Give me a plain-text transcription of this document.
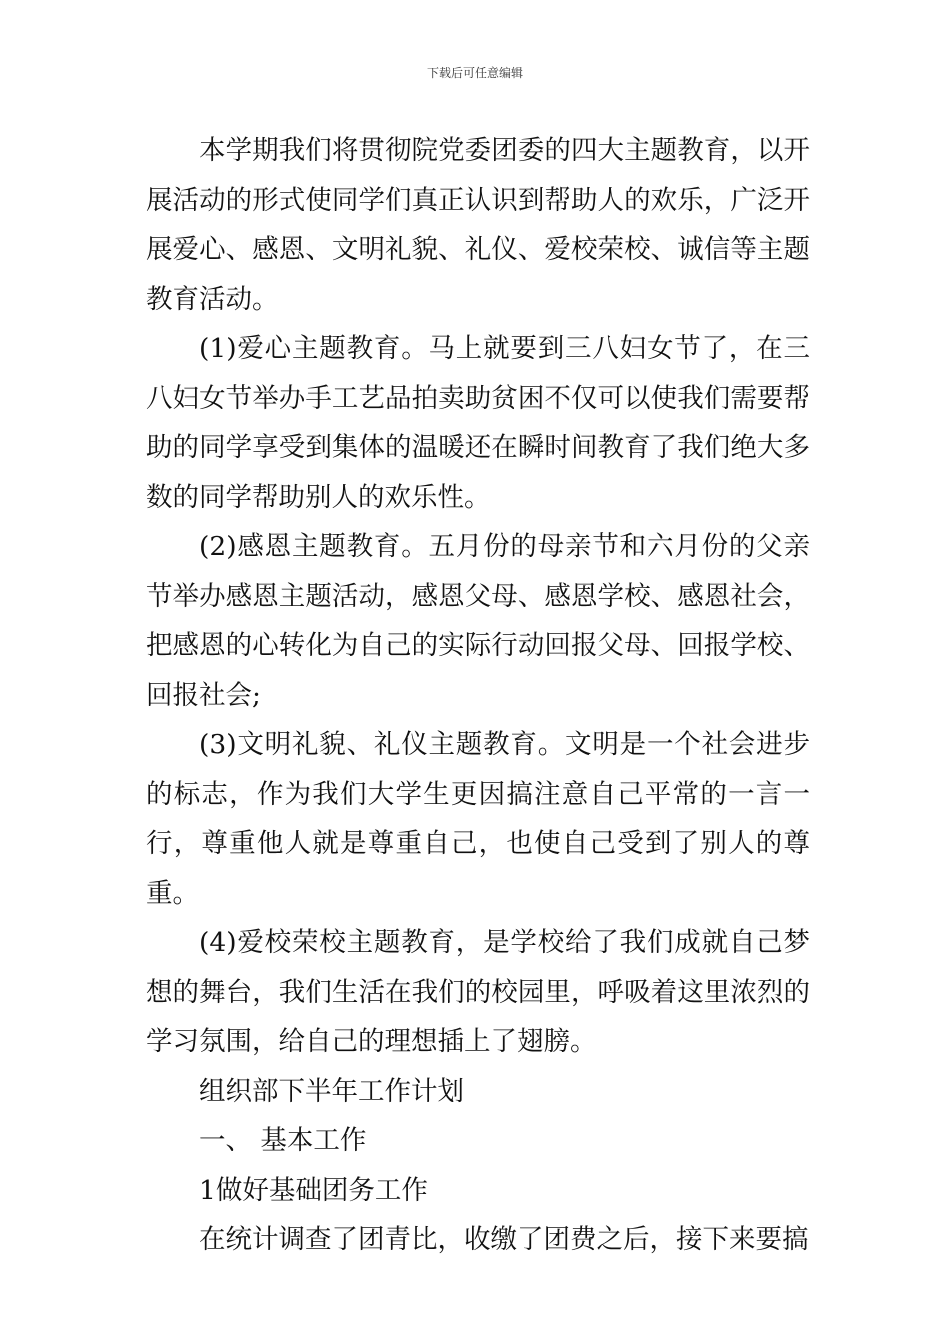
下载后可任意编辑

本学期我们将贯彻院党委团委的四大主题教育，以开展活动的形式使同学们真正认识到帮助人的欢乐，广泛开展爱心、感恩、文明礼貌、礼仪、爱校荣校、诚信等主题教育活动。

(1)爱心主题教育。马上就要到三八妇女节了，在三八妇女节举办手工艺品拍卖助贫困不仅可以使我们需要帮助的同学享受到集体的温暖还在瞬时间教育了我们绝大多数的同学帮助别人的欢乐性。

(2)感恩主题教育。五月份的母亲节和六月份的父亲节举办感恩主题活动，感恩父母、感恩学校、感恩社会，把感恩的心转化为自己的实际行动回报父母、回报学校、回报社会;

(3)文明礼貌、礼仪主题教育。文明是一个社会进步的标志，作为我们大学生更因搞注意自己平常的一言一行，尊重他人就是尊重自己，也使自己受到了别人的尊重。

(4)爱校荣校主题教育，是学校给了我们成就自己梦想的舞台，我们生活在我们的校园里，呼吸着这里浓烈的学习氛围，给自己的理想插上了翅膀。

组织部下半年工作计划

一、 基本工作

1做好基础团务工作

在统计调查了团青比，收缴了团费之后，接下来要搞
